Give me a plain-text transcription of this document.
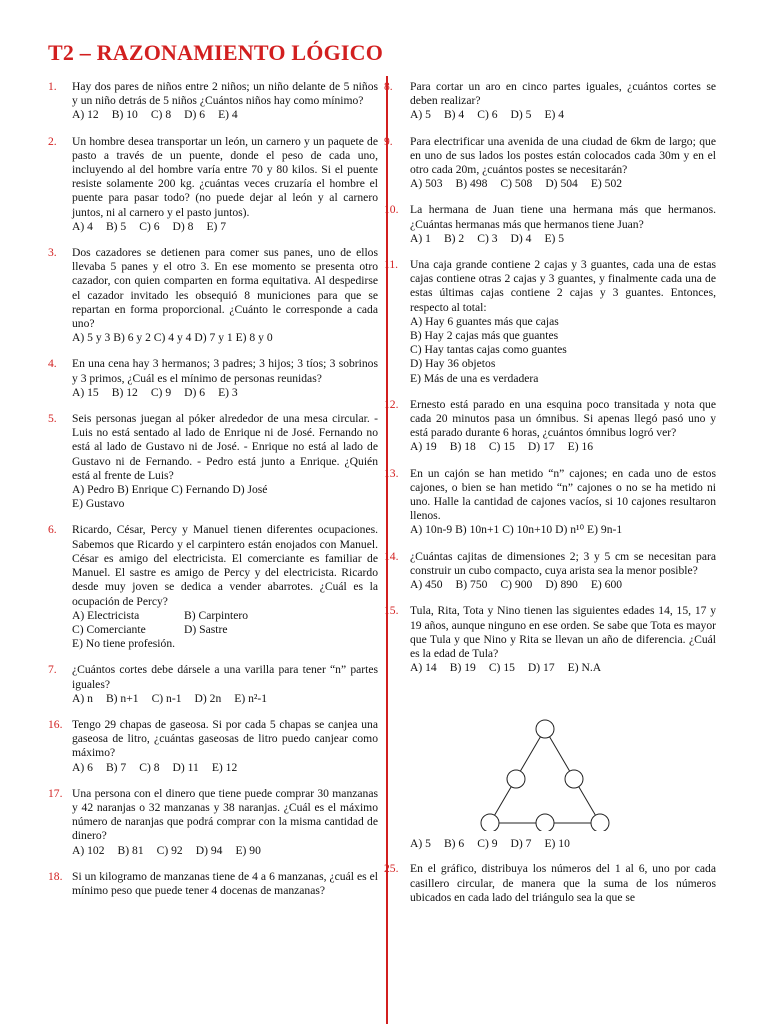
T2 – RAZONAMIENTO LÓGICO
1. Hay dos pares de niños entre 2 niños; un niño delante de 5 niños y un niño detrás de 5 niños ¿Cuántos niños hay como mínimo?
A) 12 B) 10 C) 8 D) 6 E) 4
2. Un hombre desea transportar un león, un carnero y un paquete de pasto a través de un puente, donde el peso de cada uno, incluyendo al del hombre varía entre 70 y 80 kilos. Si el puente resiste solamente 200 kg. ¿cuántas veces cruzaría el hombre el puente para pasar todo? (no puede dejar al león y al carnero juntos, ni al carnero y el pasto juntos).
A) 4 B) 5 C) 6 D) 8 E) 7
3. Dos cazadores se detienen para comer sus panes, uno de ellos llevaba 5 panes y el otro 3. En ese momento se presenta otro cazador, con quien comparten en forma equitativa. Al despedirse el cazador invitado les obsequió 8 municiones para que se repartan en forma proporcional. ¿Cuánto le corresponde a cada uno?
A) 5 y 3 B) 6 y 2 C) 4 y 4 D) 7 y 1 E) 8 y 0
4. En una cena hay 3 hermanos; 3 padres; 3 hijos; 3 tíos; 3 sobrinos y 3 primos, ¿Cuál es el mínimo de personas reunidas?
A) 15 B) 12 C) 9 D) 6 E) 3
5. Seis personas juegan al póker alrededor de una mesa circular. - Luis no está sentado al lado de Enrique ni de José. Fernando no está al lado de Gustavo ni de José. - Enrique no está al lado de Gustavo ni de Fernando. - Pedro está junto a Enrique. ¿Quién está al frente de Luis?
A) Pedro B) Enrique C) Fernando D) José
E) Gustavo
6. Ricardo, César, Percy y Manuel tienen diferentes ocupaciones. Sabemos que Ricardo y el carpintero están enojados con Manuel. César es amigo del electricista. El comerciante es familiar de Manuel. El sastre es amigo de Percy y del electricista. Ricardo desde muy joven se dedica a vender abarrotes. ¿Cuál es la ocupación de Percy?
A) Electricista	B) Carpintero
C) Comerciante	D) Sastre
E) No tiene profesión.
7. ¿Cuántos cortes debe dársele a una varilla para tener “n” partes iguales?
A) n B) n+1 C) n-1 D) 2n E) n²-1
16. Tengo 29 chapas de gaseosa. Si por cada 5 chapas se canjea una gaseosa de litro, ¿cuántas gaseosas de litro puedo canjear como máximo?
A) 6 B) 7 C) 8 D) 11 E) 12
17. Una persona con el dinero que tiene puede comprar 30 manzanas y 42 naranjas o 32 manzanas y 38 naranjas. ¿Cuál es el máximo número de naranjas que podrá comprar con la misma cantidad de dinero?
A) 102 B) 81 C) 92 D) 94 E) 90
18. Si un kilogramo de manzanas tiene de 4 a 6 manzanas, ¿cuál es el mínimo peso que puede tener 4 docenas de manzanas?
8. Para cortar un aro en cinco partes iguales, ¿cuántos cortes se deben realizar?
A) 5 B) 4 C) 6 D) 5 E) 4
9. Para electrificar una avenida de una ciudad de 6km de largo; que en uno de sus lados los postes están colocados cada 30m y en el otro cada 20m, ¿cuántos postes se necesitarán?
A) 503 B) 498 C) 508 D) 504 E) 502
10. La hermana de Juan tiene una hermana más que hermanos. ¿Cuántas hermanas más que hermanos tiene Juan?
A) 1 B) 2 C) 3 D) 4 E) 5
11. Una caja grande contiene 2 cajas y 3 guantes, cada una de estas cajas contiene otras 2 cajas y 3 guantes, y finalmente cada una de estas últimas cajas contiene 2 cajas y 3 guantes. Entonces, respecto al total:
A) Hay 6 guantes más que cajas
B) Hay 2 cajas más que guantes
C) Hay tantas cajas como guantes
D) Hay 36 objetos
E) Más de una es verdadera
12. Ernesto está parado en una esquina poco transitada y nota que cada 20 minutos pasa un ómnibus. Si apenas llegó pasó uno y está parado durante 6 horas, ¿cuántos ómnibus logró ver?
A) 19 B) 18 C) 15 D) 17 E) 16
13. En un cajón se han metido “n” cajones; en cada uno de estos cajones, o bien se han metido “n” cajones o no se ha metido ni uno. Halle la cantidad de cajones vacíos, si 10 cajones resultaron llenos.
A) 10n-9 B) 10n+1 C) 10n+10 D) n¹⁰ E) 9n-1
14. ¿Cuántas cajitas de dimensiones 2; 3 y 5 cm se necesitan para construir un cubo compacto, cuya arista sea la menor posible?
A) 450 B) 750 C) 900 D) 890 E) 600
15. Tula, Rita, Tota y Nino tienen las siguientes edades 14, 15, 17 y 19 años, aunque ninguno en ese orden. Se sabe que Tota es mayor que Tula y que Nino y Rita se llevan un año de diferencia. ¿Cuál es la edad de Tula?
A) 14 B) 19 C) 15 D) 17 E) N.A
A) 5 B) 6 C) 9 D) 7 E) 10
25. En el gráfico, distribuya los números del 1 al 6, uno por cada casillero circular, de manera que la suma de los números ubicados en cada lado del triángulo sea la que se
